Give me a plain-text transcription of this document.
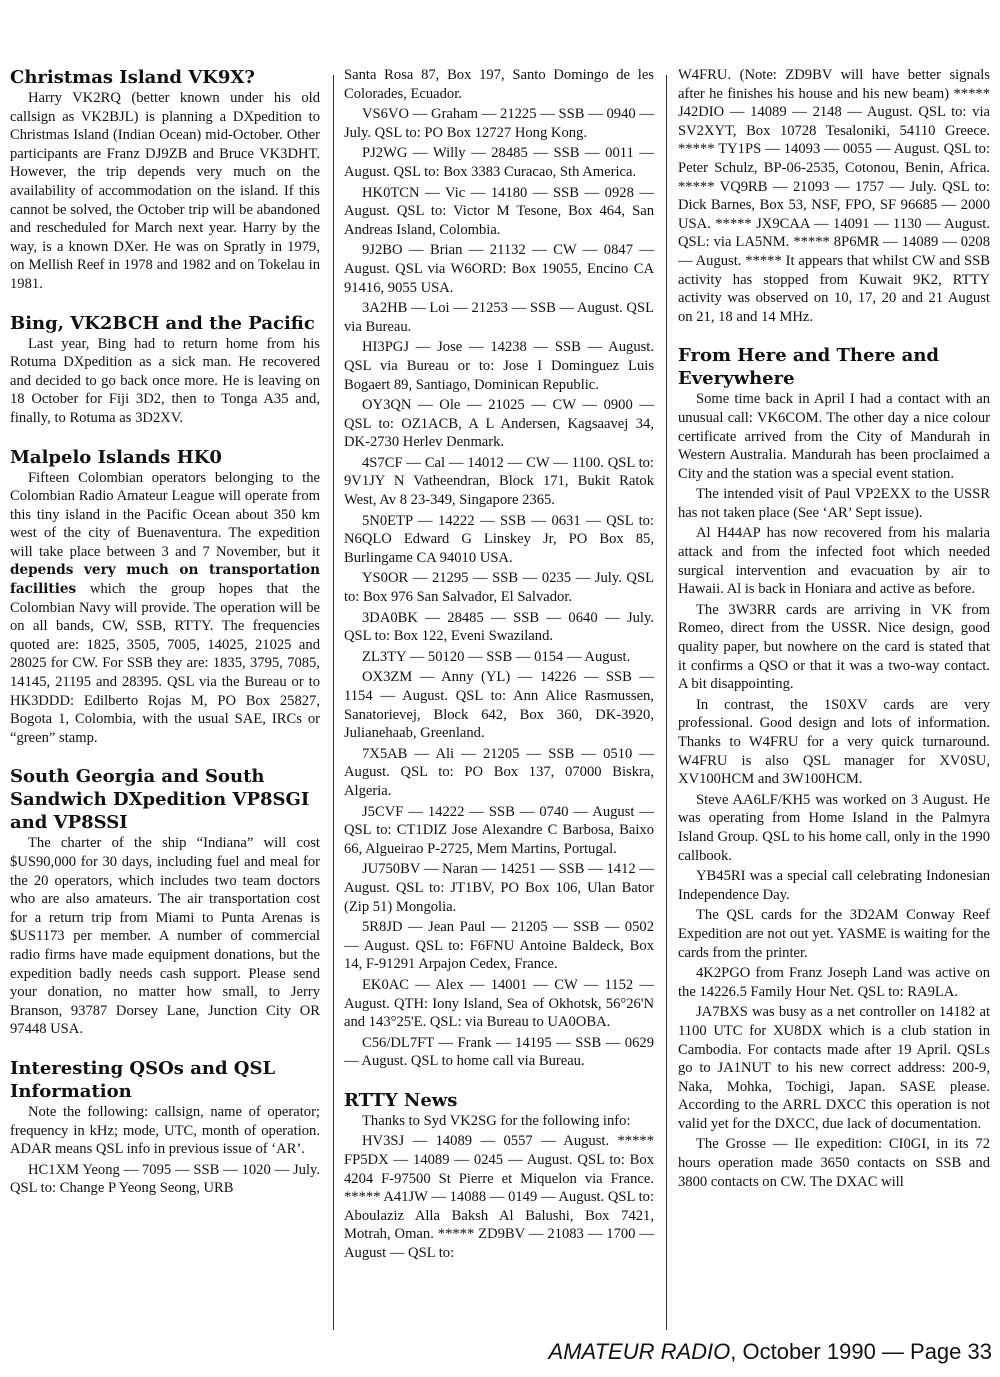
Christmas Island VK9X?

Harry VK2RQ (better known under his old callsign as VK2BJL) is planning a DXpedition to Christmas Island (Indian Ocean) mid-October. Other participants are Franz DJ9ZB and Bruce VK3DHT. However, the trip depends very much on the availability of accommodation on the island. If this cannot be solved, the October trip will be abandoned and rescheduled for March next year. Harry by the way, is a known DXer. He was on Spratly in 1979, on Mellish Reef in 1978 and 1982 and on Tokelau in 1981.

Bing, VK2BCH and the Pacific

Last year, Bing had to return home from his Rotuma DXpedition as a sick man. He recovered and decided to go back once more. He is leaving on 18 October for Fiji 3D2, then to Tonga A35 and, finally, to Rotuma as 3D2XV.

Malpelo Islands HK0

Fifteen Colombian operators belonging to the Colombian Radio Amateur League will operate from this tiny island in the Pacific Ocean about 350 km west of the city of Buenaventura. The expedition will take place between 3 and 7 November, but it depends very much on transportation facilities which the group hopes that the Colombian Navy will provide. The operation will be on all bands, CW, SSB, RTTY. The frequencies quoted are: 1825, 3505, 7005, 14025, 21025 and 28025 for CW. For SSB they are: 1835, 3795, 7085, 14145, 21195 and 28395. QSL via the Bureau or to HK3DDD: Edilberto Rojas M, PO Box 25827, Bogota 1, Colombia, with the usual SAE, IRCs or “green” stamp.

South Georgia and South Sandwich DXpedition VP8SGI and VP8SSI

The charter of the ship “Indiana” will cost $US90,000 for 30 days, including fuel and meal for the 20 operators, which includes two team doctors who are also amateurs. The air transportation cost for a return trip from Miami to Punta Arenas is $US1173 per member. A number of commercial radio firms have made equipment donations, but the expedition badly needs cash support. Please send your donation, no matter how small, to Jerry Branson, 93787 Dorsey Lane, Junction City OR 97448 USA.

Interesting QSOs and QSL Information

Note the following: callsign, name of operator; frequency in kHz; mode, UTC, month of operation. ADAR means QSL info in previous issue of ‘AR’.

HC1XM Yeong — 7095 — SSB — 1020 — July. QSL to: Change P Yeong Seong, URB

Santa Rosa 87, Box 197, Santo Domingo de les Colorades, Ecuador.

VS6VO — Graham — 21225 — SSB — 0940 — July. QSL to: PO Box 12727 Hong Kong.

PJ2WG — Willy — 28485 — SSB — 0011 — August. QSL to: Box 3383 Curacao, Sth America.

HK0TCN — Vic — 14180 — SSB — 0928 — August. QSL to: Victor M Tesone, Box 464, San Andreas Island, Colombia.

9J2BO — Brian — 21132 — CW — 0847 — August. QSL via W6ORD: Box 19055, Encino CA 91416, 9055 USA.

3A2HB — Loi — 21253 — SSB — August. QSL via Bureau.

HI3PGJ — Jose — 14238 — SSB — August. QSL via Bureau or to: Jose I Dominguez Luis Bogaert 89, Santiago, Dominican Republic.

OY3QN — Ole — 21025 — CW — 0900 — QSL to: OZ1ACB, A L Andersen, Kagsaavej 34, DK-2730 Herlev Denmark.

4S7CF — Cal — 14012 — CW — 1100. QSL to: 9V1JY N Vatheendran, Block 171, Bukit Ratok West, Av 8 23-349, Singapore 2365.

5N0ETP — 14222 — SSB — 0631 — QSL to: N6QLO Edward G Linskey Jr, PO Box 85, Burlingame CA 94010 USA.

YS0OR — 21295 — SSB — 0235 — July. QSL to: Box 976 San Salvador, El Salvador.

3DA0BK — 28485 — SSB — 0640 — July. QSL to: Box 122, Eveni Swaziland.

ZL3TY — 50120 — SSB — 0154 — August.

OX3ZM — Anny (YL) — 14226 — SSB — 1154 — August. QSL to: Ann Alice Rasmussen, Sanatorievej, Block 642, Box 360, DK-3920, Julianehaab, Greenland.

7X5AB — Ali — 21205 — SSB — 0510 — August. QSL to: PO Box 137, 07000 Biskra, Algeria.

J5CVF — 14222 — SSB — 0740 — August — QSL to: CT1DIZ Jose Alexandre C Barbosa, Baixo 66, Algueirao P-2725, Mem Martins, Portugal.

JU750BV — Naran — 14251 — SSB — 1412 — August. QSL to: JT1BV, PO Box 106, Ulan Bator (Zip 51) Mongolia.

5R8JD — Jean Paul — 21205 — SSB — 0502 — August. QSL to: F6FNU Antoine Baldeck, Box 14, F-91291 Arpajon Cedex, France.

EK0AC — Alex — 14001 — CW — 1152 — August. QTH: Iony Island, Sea of Okhotsk, 56°26'N and 143°25'E. QSL: via Bureau to UA0OBA.

C56/DL7FT — Frank — 14195 — SSB — 0629 — August. QSL to home call via Bureau.

RTTY News

Thanks to Syd VK2SG for the following info:

HV3SJ — 14089 — 0557 — August. ***** FP5DX — 14089 — 0245 — August. QSL to: Box 4204 F-97500 St Pierre et Miquelon via France. ***** A41JW — 14088 — 0149 — August. QSL to: Aboulaziz Alla Baksh Al Balushi, Box 7421, Motrah, Oman. ***** ZD9BV — 21083 — 1700 — August — QSL to:

W4FRU. (Note: ZD9BV will have better signals after he finishes his house and his new beam) ***** J42DIO — 14089 — 2148 — August. QSL to: via SV2XYT, Box 10728 Tesaloniki, 54110 Greece. ***** TY1PS — 14093 — 0055 — August. QSL to: Peter Schulz, BP-06-2535, Cotonou, Benin, Africa. ***** VQ9RB — 21093 — 1757 — July. QSL to: Dick Barnes, Box 53, NSF, FPO, SF 96685 — 2000 USA. ***** JX9CAA — 14091 — 1130 — August. QSL: via LA5NM. ***** 8P6MR — 14089 — 0208 — August. ***** It appears that whilst CW and SSB activity has stopped from Kuwait 9K2, RTTY activity was observed on 10, 17, 20 and 21 August on 21, 18 and 14 MHz.

From Here and There and Everywhere

Some time back in April I had a contact with an unusual call: VK6COM. The other day a nice colour certificate arrived from the City of Mandurah in Western Australia. Mandurah has been proclaimed a City and the station was a special event station.

The intended visit of Paul VP2EXX to the USSR has not taken place (See ‘AR’ Sept issue).

Al H44AP has now recovered from his malaria attack and from the infected foot which needed surgical intervention and evacuation by air to Hawaii. Al is back in Honiara and active as before.

The 3W3RR cards are arriving in VK from Romeo, direct from the USSR. Nice design, good quality paper, but nowhere on the card is stated that it confirms a QSO or that it was a two-way contact. A bit disappointing.

In contrast, the 1S0XV cards are very professional. Good design and lots of information. Thanks to W4FRU for a very quick turnaround. W4FRU is also QSL manager for XV0SU, XV100HCM and 3W100HCM.

Steve AA6LF/KH5 was worked on 3 August. He was operating from Home Island in the Palmyra Island Group. QSL to his home call, only in the 1990 callbook.

YB45RI was a special call celebrating Indonesian Independence Day.

The QSL cards for the 3D2AM Conway Reef Expedition are not out yet. YASME is waiting for the cards from the printer.

4K2PGO from Franz Joseph Land was active on the 14226.5 Family Hour Net. QSL to: RA9LA.

JA7BXS was busy as a net controller on 14182 at 1100 UTC for XU8DX which is a club station in Cambodia. For contacts made after 19 April. QSLs go to JA1NUT to his new correct address: 200-9, Naka, Mohka, Tochigi, Japan. SASE please. According to the ARRL DXCC this operation is not valid yet for the DXCC, due lack of documentation.

The Grosse — Ile expedition: CI0GI, in its 72 hours operation made 3650 contacts on SSB and 3800 contacts on CW. The DXAC will

AMATEUR RADIO, October 1990 — Page 33
